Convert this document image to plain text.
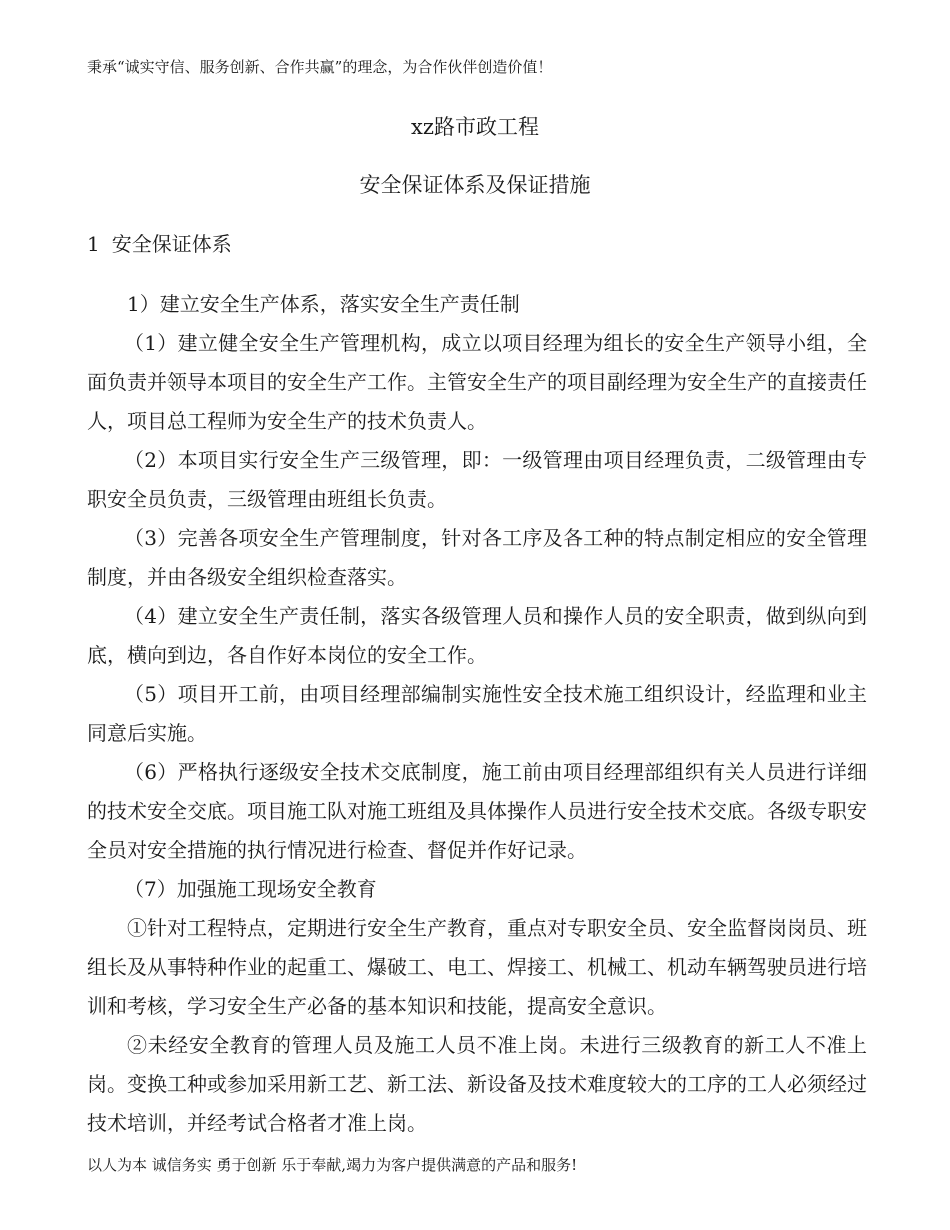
秉承“诚实守信、服务创新、合作共赢”的理念，为合作伙伴创造价值！
xz路市政工程
安全保证体系及保证措施
1 安全保证体系

1）建立安全生产体系，落实安全生产责任制

（1）建立健全安全生产管理机构，成立以项目经理为组长的安全生产领导小组，全面负责并领导本项目的安全生产工作。主管安全生产的项目副经理为安全生产的直接责任人，项目总工程师为安全生产的技术负责人。

（2）本项目实行安全生产三级管理，即：一级管理由项目经理负责，二级管理由专职安全员负责，三级管理由班组长负责。

（3）完善各项安全生产管理制度，针对各工序及各工种的特点制定相应的安全管理制度，并由各级安全组织检查落实。

（4）建立安全生产责任制，落实各级管理人员和操作人员的安全职责，做到纵向到底，横向到边，各自作好本岗位的安全工作。

（5）项目开工前，由项目经理部编制实施性安全技术施工组织设计，经监理和业主同意后实施。

（6）严格执行逐级安全技术交底制度，施工前由项目经理部组织有关人员进行详细的技术安全交底。项目施工队对施工班组及具体操作人员进行安全技术交底。各级专职安全员对安全措施的执行情况进行检查、督促并作好记录。

（7）加强施工现场安全教育

①针对工程特点，定期进行安全生产教育，重点对专职安全员、安全监督岗岗员、班组长及从事特种作业的起重工、爆破工、电工、焊接工、机械工、机动车辆驾驶员进行培训和考核，学习安全生产必备的基本知识和技能，提高安全意识。

②未经安全教育的管理人员及施工人员不准上岗。未进行三级教育的新工人不准上岗。变换工种或参加采用新工艺、新工法、新设备及技术难度较大的工序的工人必须经过技术培训，并经考试合格者才准上岗。

以人为本 诚信务实 勇于创新 乐于奉献,竭力为客户提供满意的产品和服务!
